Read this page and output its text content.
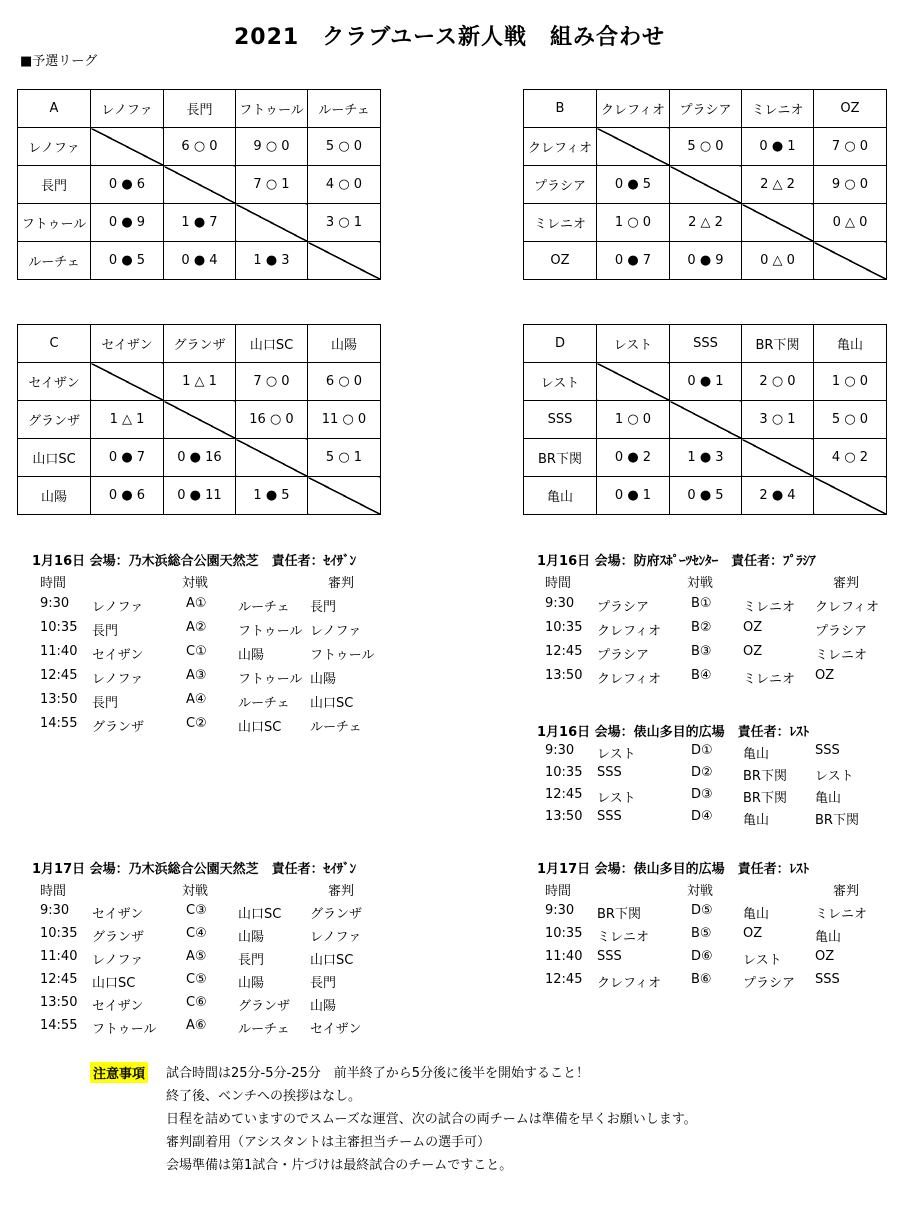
2021　クラブユース新人戦　組み合わせ
■予選リーグ
A	レノファ	長門	フトゥール	ルーチェ
レノファ		6 ○ 0	9 ○ 0	5 ○ 0
長門	0 ● 6		7 ○ 1	4 ○ 0
フトゥール	0 ● 9	1 ● 7		3 ○ 1
ルーチェ	0 ● 5	0 ● 4	1 ● 3	
B	クレフィオ	プラシア	ミレニオ	OZ
クレフィオ		5 ○ 0	0 ● 1	7 ○ 0
プラシア	0 ● 5		2 △ 2	9 ○ 0
ミレニオ	1 ○ 0	2 △ 2		0 △ 0
OZ	0 ● 7	0 ● 9	0 △ 0	
C	セイザン	グランザ	山口SC	山陽
セイザン		1 △ 1	7 ○ 0	6 ○ 0
グランザ	1 △ 1		16 ○ 0	11 ○ 0
山口SC	0 ● 7	0 ● 16		5 ○ 1
山陽	0 ● 6	0 ● 11	1 ● 5	
D	レスト	SSS	BR下関	亀山
レスト		0 ● 1	2 ○ 0	1 ○ 0
SSS	1 ○ 0		3 ○ 1	5 ○ 0
BR下関	0 ● 2	1 ● 3		4 ○ 2
亀山	0 ● 1	0 ● 5	2 ● 4	
1月16日 会場：乃木浜総合公園天然芝　責任者：ｾｲｻﾞﾝ
時間	対戦	審判
9:30 レノファ	A① ルーチェ 長門
10:35 長門	A② フトゥール レノファ
11:40 セイザン	C① 山陽	フトゥール
12:45 レノファ	A③ フトゥール 山陽
13:50 長門	A④ ルーチェ 山口SC
14:55 グランザ	C② 山口SC ルーチェ
1月16日 会場：防府ｽﾎﾟｰﾂｾﾝﾀｰ　責任者：ﾌﾟﾗｼｱ
時間	対戦	審判
9:30 プラシア	B① ミレニオ クレフィオ
10:35 クレフィオ B② OZ	プラシア
12:45 プラシア	B③ OZ	ミレニオ
13:50 クレフィオ B④ ミレニオ OZ
1月16日 会場：俵山多目的広場　責任者：ﾚｽﾄ
9:30 レスト	D① 亀山	SSS
10:35 SSS	D② BR下関 レスト
12:45 レスト	D③ BR下関 亀山
13:50 SSS	D④ 亀山	BR下関
1月17日 会場：乃木浜総合公園天然芝　責任者：ｾｲｻﾞﾝ
時間	対戦	審判
9:30 セイザン	C③ 山口SC グランザ
10:35 グランザ	C④ 山陽	レノファ
11:40 レノファ	A⑤ 長門	山口SC
12:45 山口SC	C⑤ 山陽	長門
13:50 セイザン	C⑥ グランザ 山陽
14:55 フトゥール A⑥ ルーチェ セイザン
1月17日 会場：俵山多目的広場　責任者：ﾚｽﾄ
時間	対戦	審判
9:30 BR下関	D⑤ 亀山	ミレニオ
10:35 ミレニオ	B⑤ OZ	亀山
11:40 SSS	D⑥ レスト	OZ
12:45 クレフィオ B⑥ プラシア SSS
注意事項 試合時間は25分-5分-25分　前半終了から5分後に後半を開始すること！
終了後、ベンチへの挨拶はなし。
日程を詰めていますのでスムーズな運営、次の試合の両チームは準備を早くお願いします。
審判副着用（アシスタントは主審担当チームの選手可）
会場準備は第1試合・片づけは最終試合のチームですこと。
